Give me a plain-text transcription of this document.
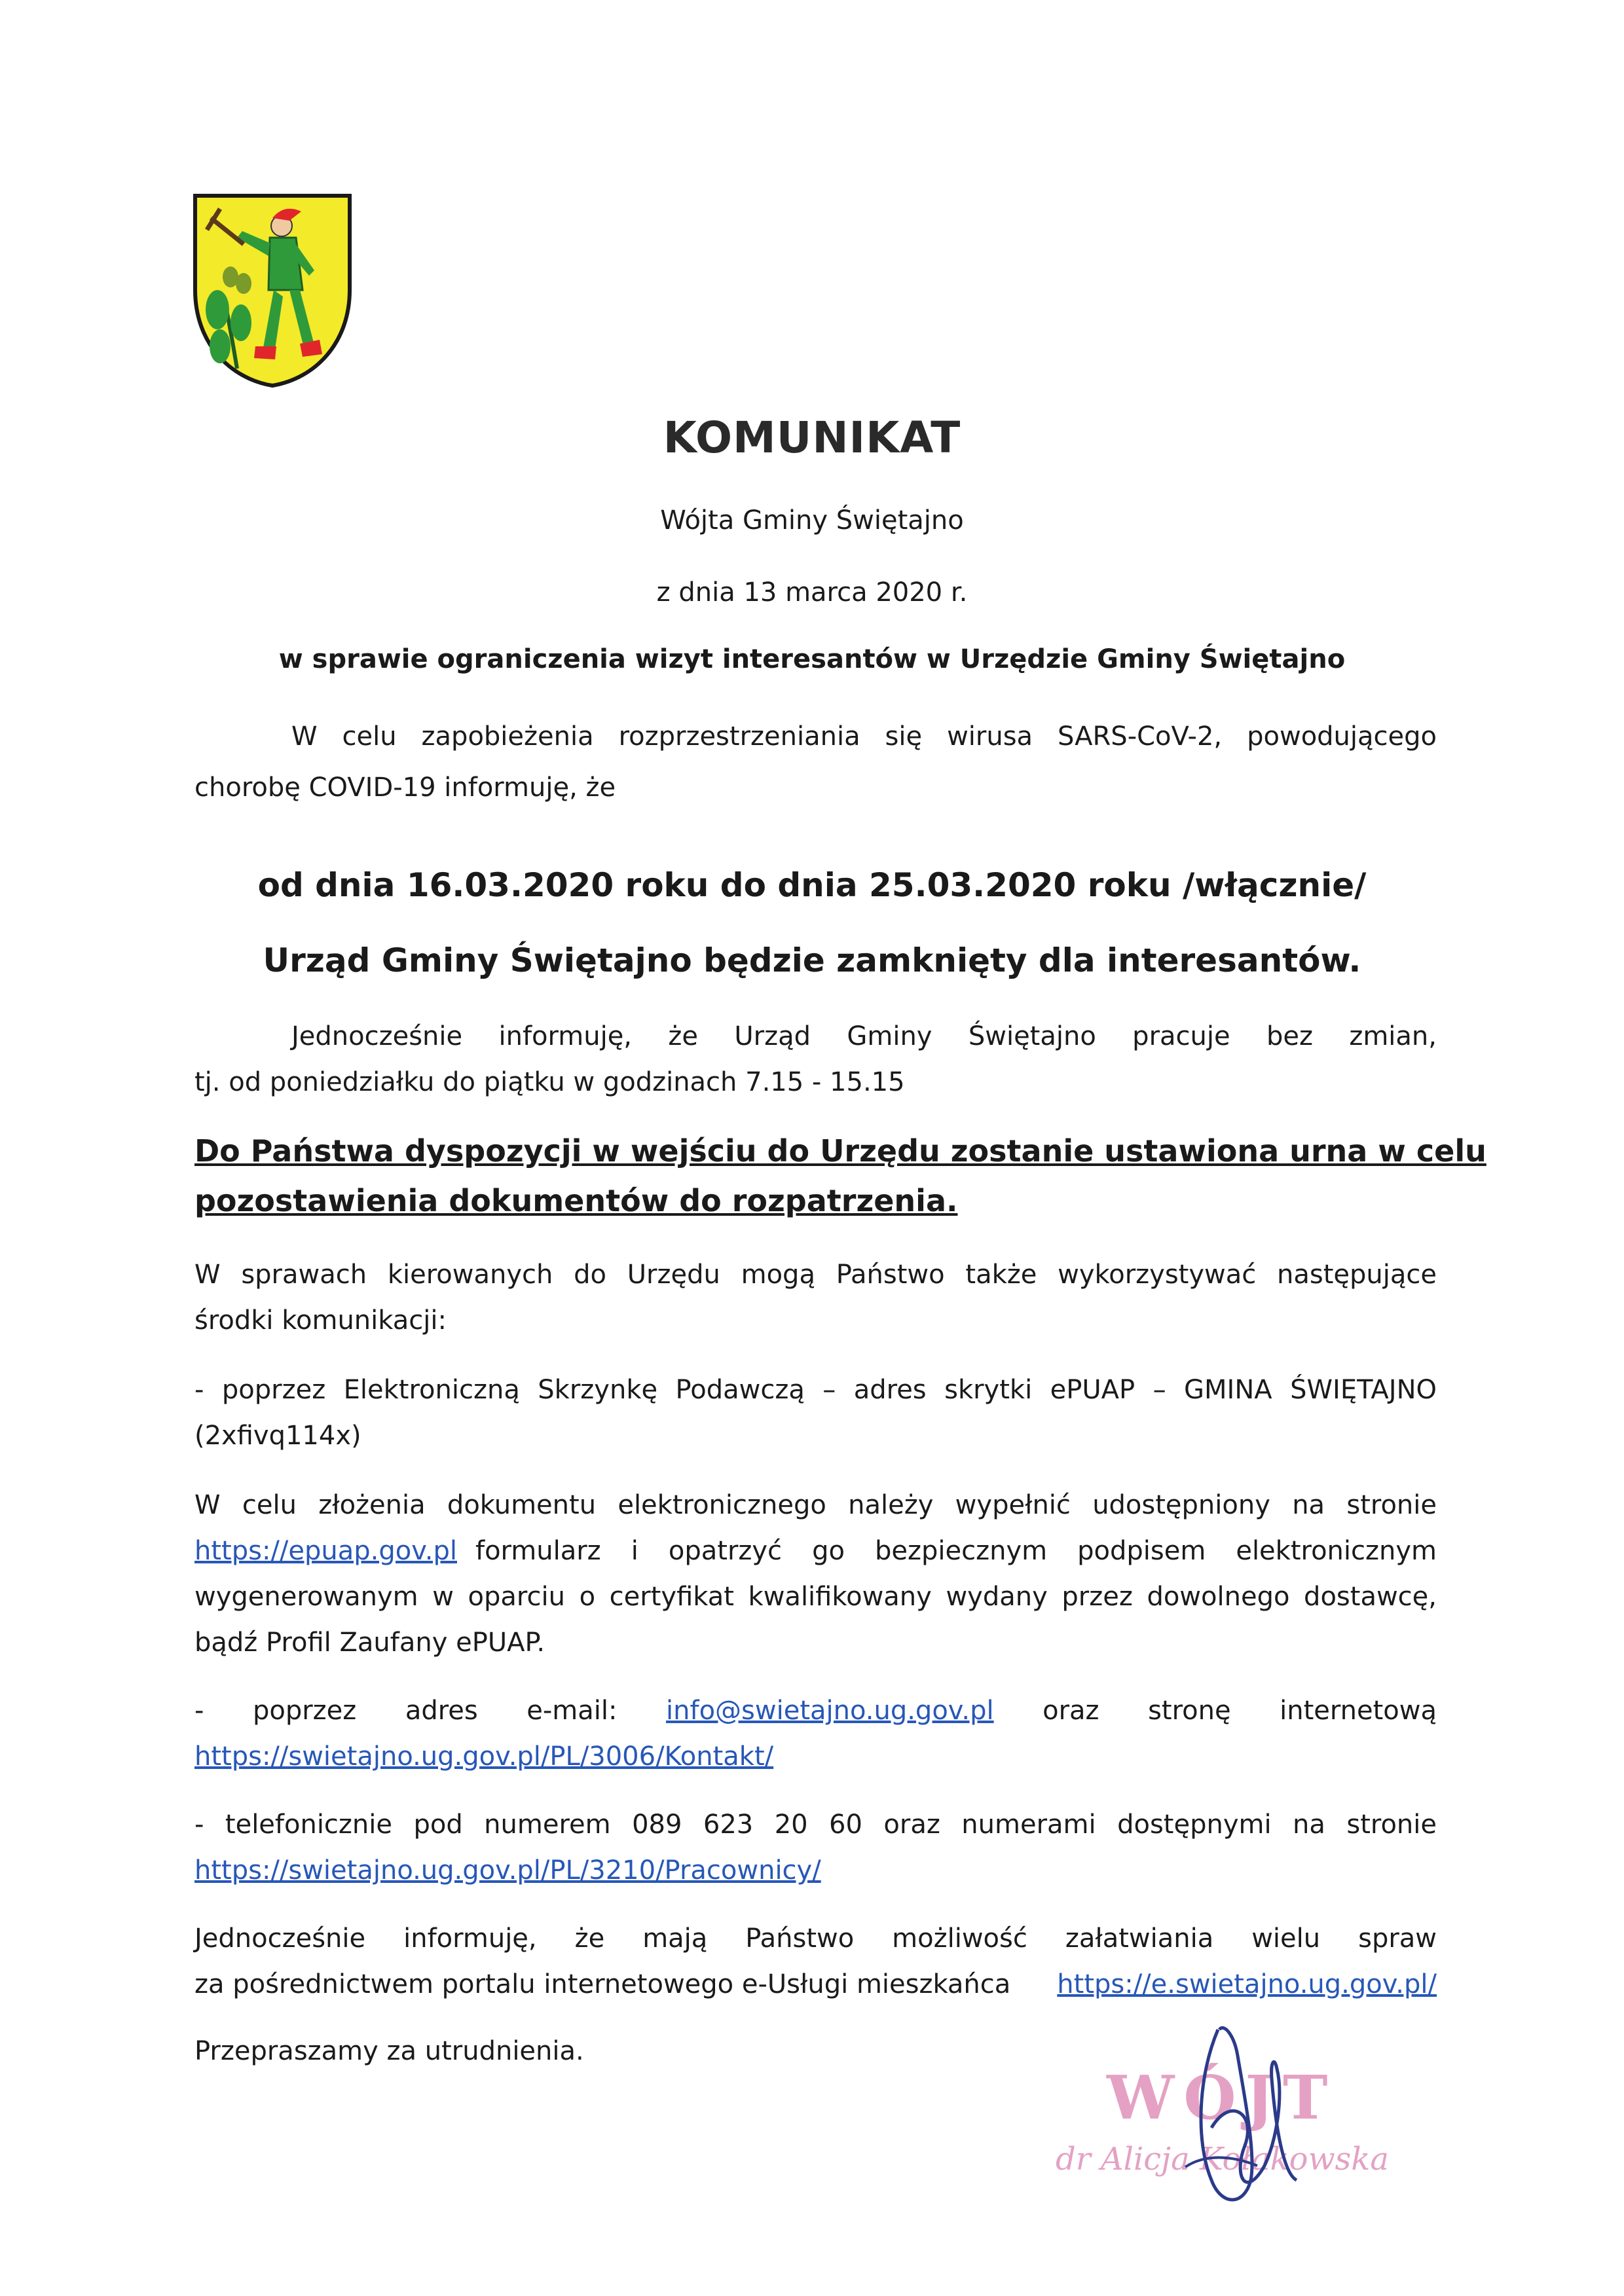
KOMUNIKAT
Wójta Gminy Świętajno
z dnia 13 marca 2020 r.
w sprawie ograniczenia wizyt interesantów w Urzędzie Gminy Świętajno
W celu zapobieżenia rozprzestrzeniania się wirusa SARS-CoV-2, powodującego
chorobę COVID-19 informuję, że
od dnia 16.03.2020 roku do dnia 25.03.2020 roku /włącznie/
Urząd Gminy Świętajno będzie zamknięty dla interesantów.
Jednocześnie informuję, że Urząd Gminy Świętajno pracuje bez zmian,
tj. od poniedziałku do piątku w godzinach 7.15 - 15.15
Do Państwa dyspozycji w wejściu do Urzędu zostanie ustawiona urna w celu
pozostawienia dokumentów do rozpatrzenia.
W sprawach kierowanych do Urzędu mogą Państwo także wykorzystywać następujące
środki komunikacji:
- poprzez Elektroniczną Skrzynkę Podawczą – adres skrytki ePUAP – GMINA ŚWIĘTAJNO
(2xfivq114x)
W celu złożenia dokumentu elektronicznego należy wypełnić udostępniony na stronie
https://epuap.gov.pl formularz i opatrzyć go bezpiecznym podpisem elektronicznym
wygenerowanym w oparciu o certyfikat kwalifikowany wydany przez dowolnego dostawcę,
bądź Profil Zaufany ePUAP.
- poprzez adres e-mail: info@swietajno.ug.gov.pl oraz stronę internetową
https://swietajno.ug.gov.pl/PL/3006/Kontakt/
- telefonicznie pod numerem 089 623 20 60 oraz numerami dostępnymi na stronie
https://swietajno.ug.gov.pl/PL/3210/Pracownicy/
Jednocześnie informuję, że mają Państwo możliwość załatwiania wielu spraw
za pośrednictwem portalu internetowego e-Usługi mieszkańca https://e.swietajno.ug.gov.pl/
Przepraszamy za utrudnienia.
WÓJT
dr Alicja Kołakowska
